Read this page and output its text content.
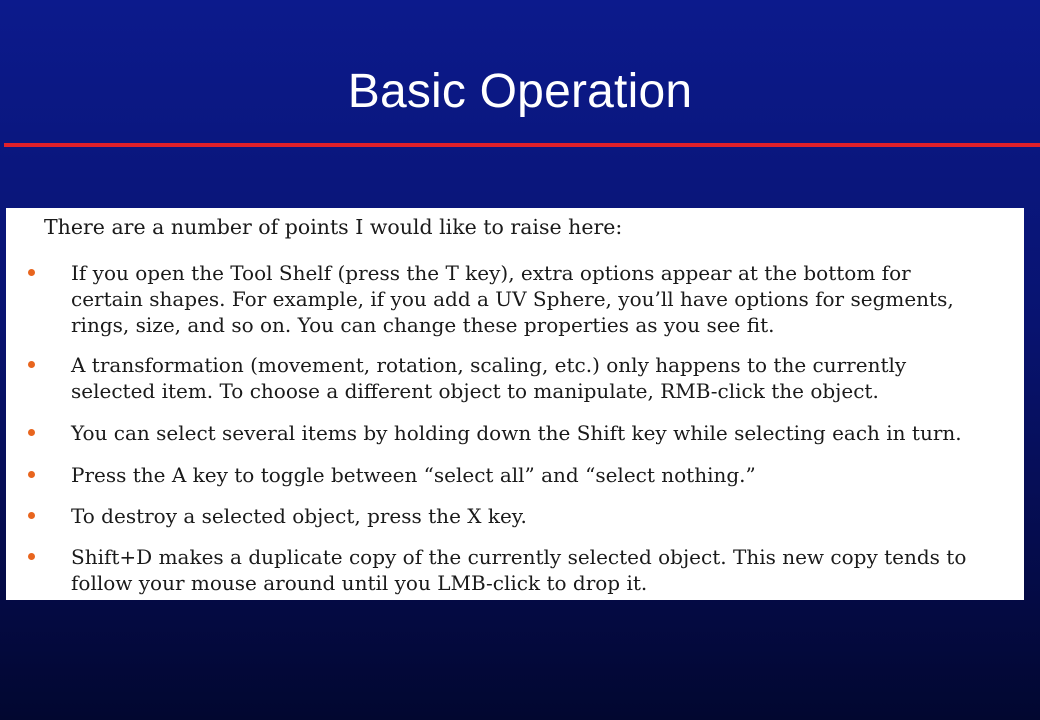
Basic Operation
There are a number of points I would like to raise here:
If you open the Tool Shelf (press the T key), extra options appear at the bottom for
certain shapes. For example, if you add a UV Sphere, you’ll have options for segments,
rings, size, and so on. You can change these properties as you see fit.
A transformation (movement, rotation, scaling, etc.) only happens to the currently
selected item. To choose a different object to manipulate, RMB-click the object.
You can select several items by holding down the Shift key while selecting each in turn.
Press the A key to toggle between “select all” and “select nothing.”
To destroy a selected object, press the X key.
Shift+D makes a duplicate copy of the currently selected object. This new copy tends to
follow your mouse around until you LMB-click to drop it.
